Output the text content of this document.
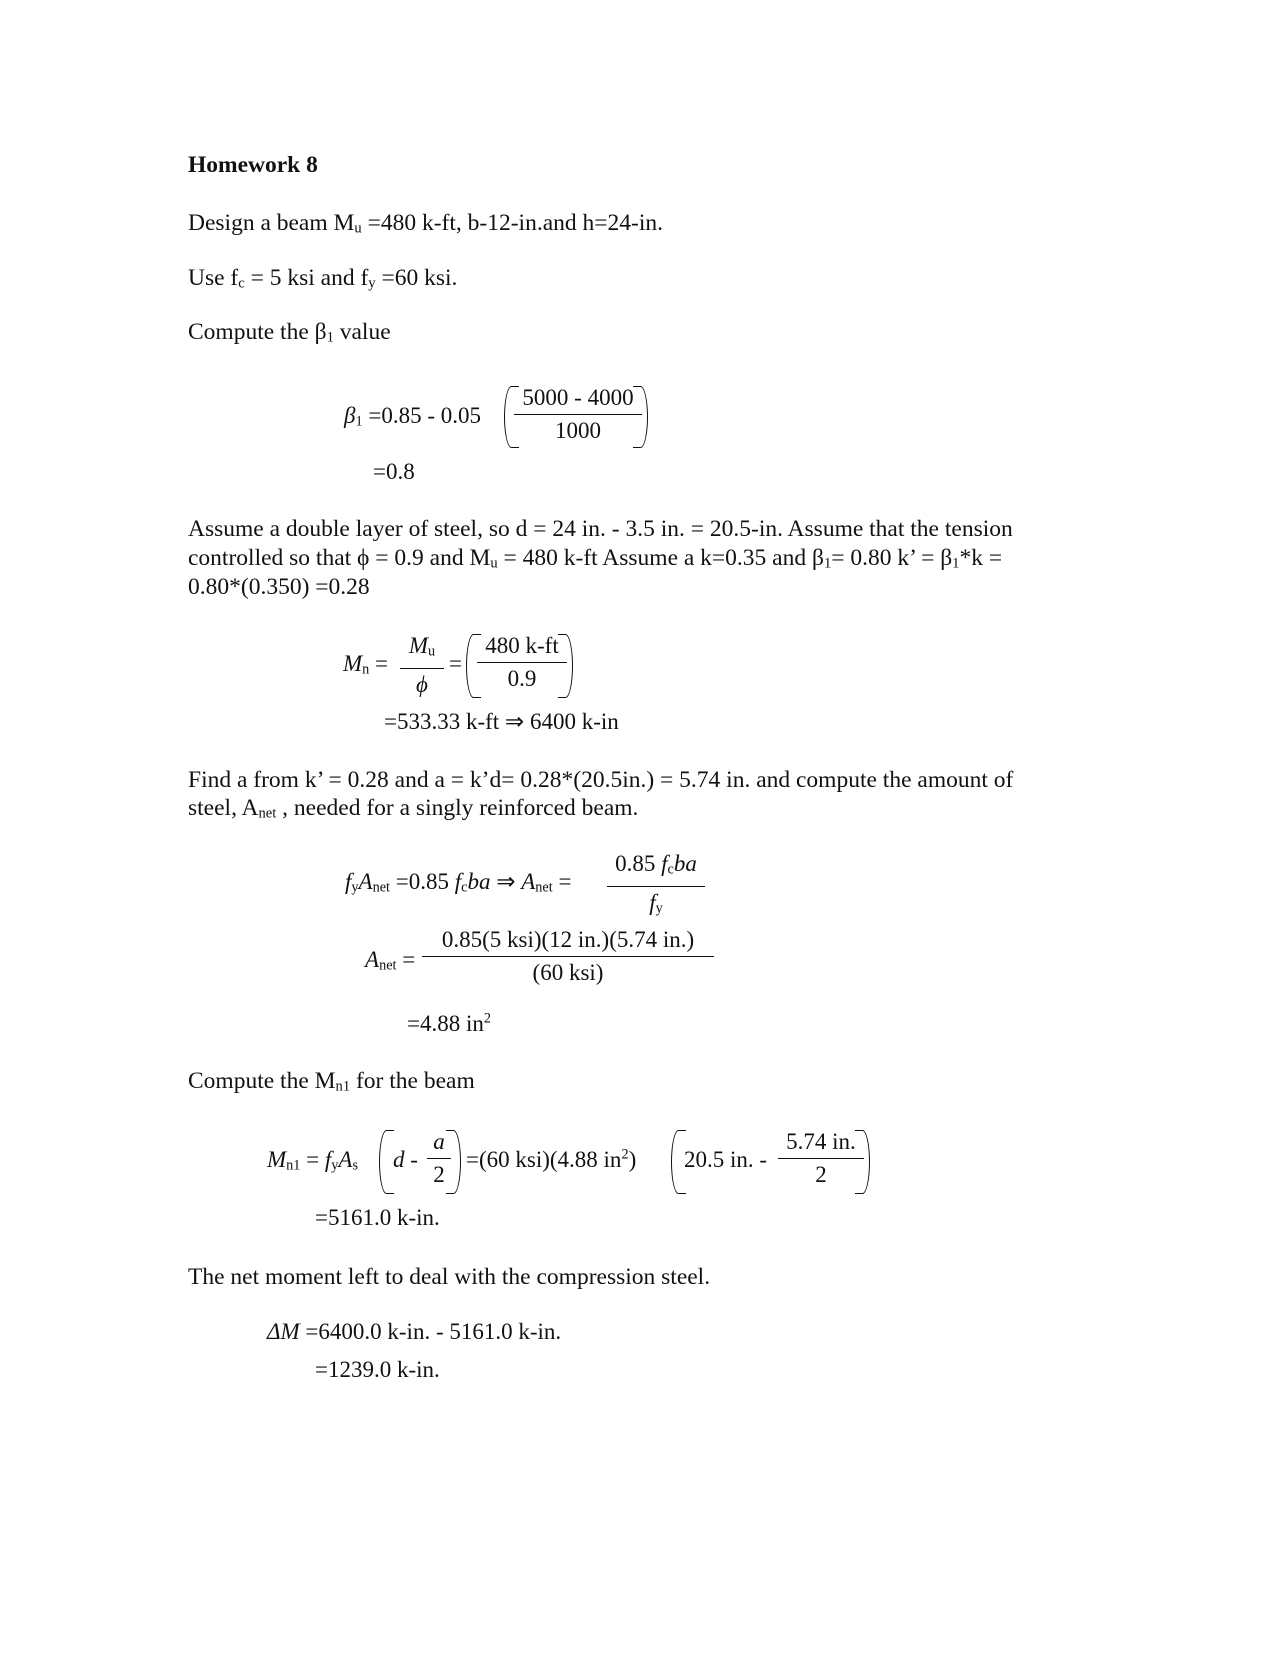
Homework 8
Design a beam $M_u =480$ k-ft, b-12-in.and h=24-in.
Use $f_c = 5$ ksi and $f_y =60$ ksi.
Compute the $\beta_1$ value
$\beta_1 =0.85 - 0.05$
5000 - 4000
1000
=0.8
Assume a double layer of steel, so d = 24 in. - 3.5 in. = 20.5-in. Assume that the tension
controlled so that ϕ = 0.9 and $M_u = 480$ k-ft Assume a k=0.35 and $\beta_1= 0.80$ k’ = $\beta_1*k$ =
0.80*(0.350) =0.28
$M_n$ =
$M_u$
ϕ
=
480 k-ft
0.9
=533.33 k-ft ⇒ 6400 k-in
Find a from k’ = 0.28 and a = k’d= 0.28*(20.5in.) = 5.74 in. and compute the amount of
steel, $A_{net}$ , needed for a singly reinforced beam.
$f_yA_{net} =0.85$ $f_cba$ ⇒ $A_{net}$ =
0.85 $f_cba$
$f_y$
$A_{net}$ =
0.85(5 ksi)(12 in.)(5.74 in.)
(60 ksi)
=4.88 $in^2$
Compute the $M_{n1}$ for the beam
$M_{n1} = f_yA_s$ d -
a
2
=(60 ksi)(4.88 $in^2$) 20.5 in. -
5.74 in.
2
=5161.0 k-in.
The net moment left to deal with the compression steel.
ΔM =6400.0 k-in. - 5161.0 k-in.
=1239.0 k-in.
